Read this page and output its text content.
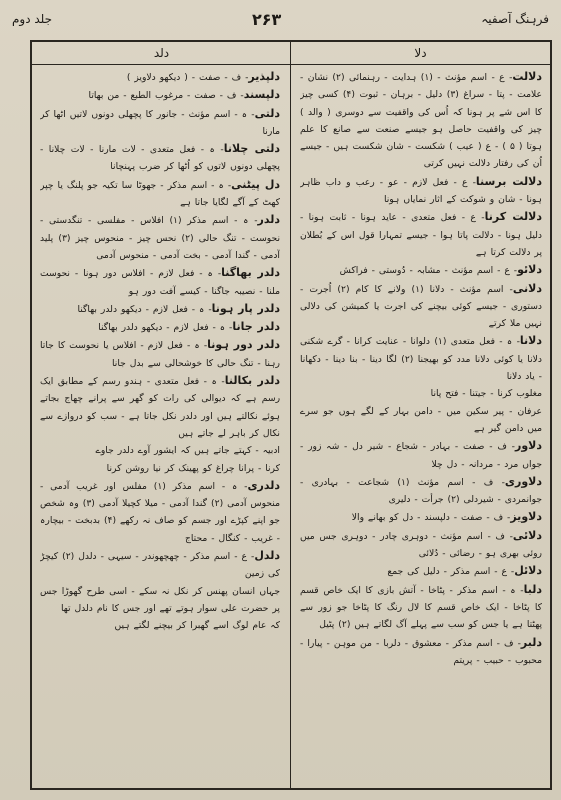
فرہنگ آصفیہ
۲۶۳
جلد دوم
دلا
دلد

دلالت- ع - اسم مؤنث - (۱) ہدایت - رہنمائی (۲) نشان - علامت - پتا - سراغ (۳) دلیل - برہان - ثبوت (۴) کسی چیز کا اس شے پر ہونا کہ اُس کی واقفیت سے دوسری ( والد ) چیز کی واقفیت حاصل ہو جیسے صنعت سے صانع کا علم ہوتا ( ۵ ) - ع ( عیب ) شکست - شان شکست ہیں - جیسے اُن کی رفتار دلالت نہیں کرتی

دلالت برسنا- ع - فعل لازم - عو - رعب و داب ظاہر ہونا - شان و شوکت کے اثار نمایاں ہونا

دلالت کرنا- ع - فعل متعدی - عاید ہونا - ثابت ہونا - دلیل ہونا - دلالت پاتا ہوا - جیسے تمہارا قول اس کے بُطلان پر دلالت کرتا ہے

دلائو- ع - اسم مؤنث - مشابہ - دُوستی - فراکش

دلانی- اسم مؤنث - دلانا (۱) ولانے کا کام (۲) اُجرت - دستوری - جیسے کوئی بیچنے کی اجرت یا کمیشن کی دلالی نہیں ملا کرتے

دلانا- ہ - فعل متعدی (۱) دلوانا - عنایت کرانا - گرے شکنی دلانا یا کوئی دلانا مدد کو بھیجنا (۲) لگا دینا - بنا دینا - دکھانا - یاد دلانا

مغلوب کرنا - جیتنا - فتح پانا

عرفان - پیر سکین میں - دامن بہار کے لگے ہوں جو سرے میں دامن گیر ہے

دلاور- ف - صفت - بہادر - شجاع - شیر دل - شہ زور - جواں مرد - مردانہ - دل چلا

دلاوری- ف - اسم مؤنث (۱) شجاعت - بہادری - جوانمردی - شیردلی (۲) جرأت - دلیری

دلاویز- ف - صفت - دلپسند - دل کو بھانے والا

دلائی- ف - اسم مؤنث - دوہری چادر - دوہری جس میں روئی بھری ہو - رضائی - دُلائی

دلائل- ع - اسم مذکر - دلیل کی جمع

دلبا- ہ - اسم مذکر - پٹاخا - آتش بازی کا ایک خاص قسم کا پٹاخا - ایک خاص قسم کا لال رنگ کا پٹاخا جو زور سے پھٹتا ہے یا جس کو سب سے پہلے آگ لگاتے ہیں (۲) پٹیل

دلبر- ف - اسم مذکر - معشوق - دلربا - من موہن - پیارا - محبوب - حبیب - پریتم

دلپذیر- ف - صفت - ( دیکھو دلاویز )

دلپسند- ف - صفت - مرغوب الطبع - من بھاتا

دلتی- ہ - اسم مؤنث - جانور کا پچھلی دونوں لاتیں اٹھا کر مارنا

دلتی چلانا- ہ - فعل متعدی - لات مارنا - لات چلانا - پچھلی دونوں لاتوں کو اُٹھا کر ضرب پہنچانا

دل پیٹنی- ہ - اسم مذکر - جھوٹا سا تکیہ جو پلنگ یا چپر کھٹ کے آگے لگایا جاتا ہے

دلدر- ہ - اسم مذکر (۱) افلاس - مفلسی - تنگدستی - نحوست - تنگ حالی (۲) نحس چیز - منحوس چیز (۳) پلید آدمی - گندا آدمی - بخت آدمی - منحوس آدمی

دلدر بھاگنا- ہ - فعل لازم - افلاس دور ہونا - نحوست ملنا - نصیبہ جاگنا - کیسے آفت دور ہو

دلدر پار ہونا- ہ - فعل لازم - دیکھو دلدر بھاگنا

دلدر جانا- ہ - فعل لازم - دیکھو دلدر بھاگنا

دلدر دور ہونا- ہ - فعل لازم - افلاس یا نحوست کا جاتا رہنا - تنگ حالی کا خوشحالی سے بدل جانا

دلدر بکالنا- ہ - فعل متعدی - ہندو رسم کے مطابق ایک رسم ہے کہ دیوالی کی رات کو گھر سے پرانے چھاج بجاتے ہوئے نکالتے ہیں اور دلدر نکل جاتا ہے - سب کو دروازے سے نکال کر باہر لے جاتے ہیں

ادبیہ - کہتے جاتے ہیں کہ ایشور آوے دلدر جاوے

کرنا - پرانا چراغ کو پھینک کر نیا روشن کرنا

دلدری- ہ - اسم مذکر (۱) مفلس اور غریب آدمی - منحوس آدمی (۲) گندا آدمی - میلا کچیلا آدمی (۳) وہ شخص جو اپنے کپڑے اور جسم کو صاف نہ رکھے (۴) بدبخت - بیچارہ - غریب - کنگال - محتاج

دلدل- ع - اسم مذکر - چھچھوندر - سیہی - دلدل (۲) کیچڑ کی زمین

جہاں انسان پھنس کر نکل نہ سکے - اسی طرح گھوڑا جس پر حضرت علی سوار ہوتے تھے اور جس کا نام دلدل تھا

کہ عام لوگ اسے گھبرا کر بیچنے لگتے ہیں
